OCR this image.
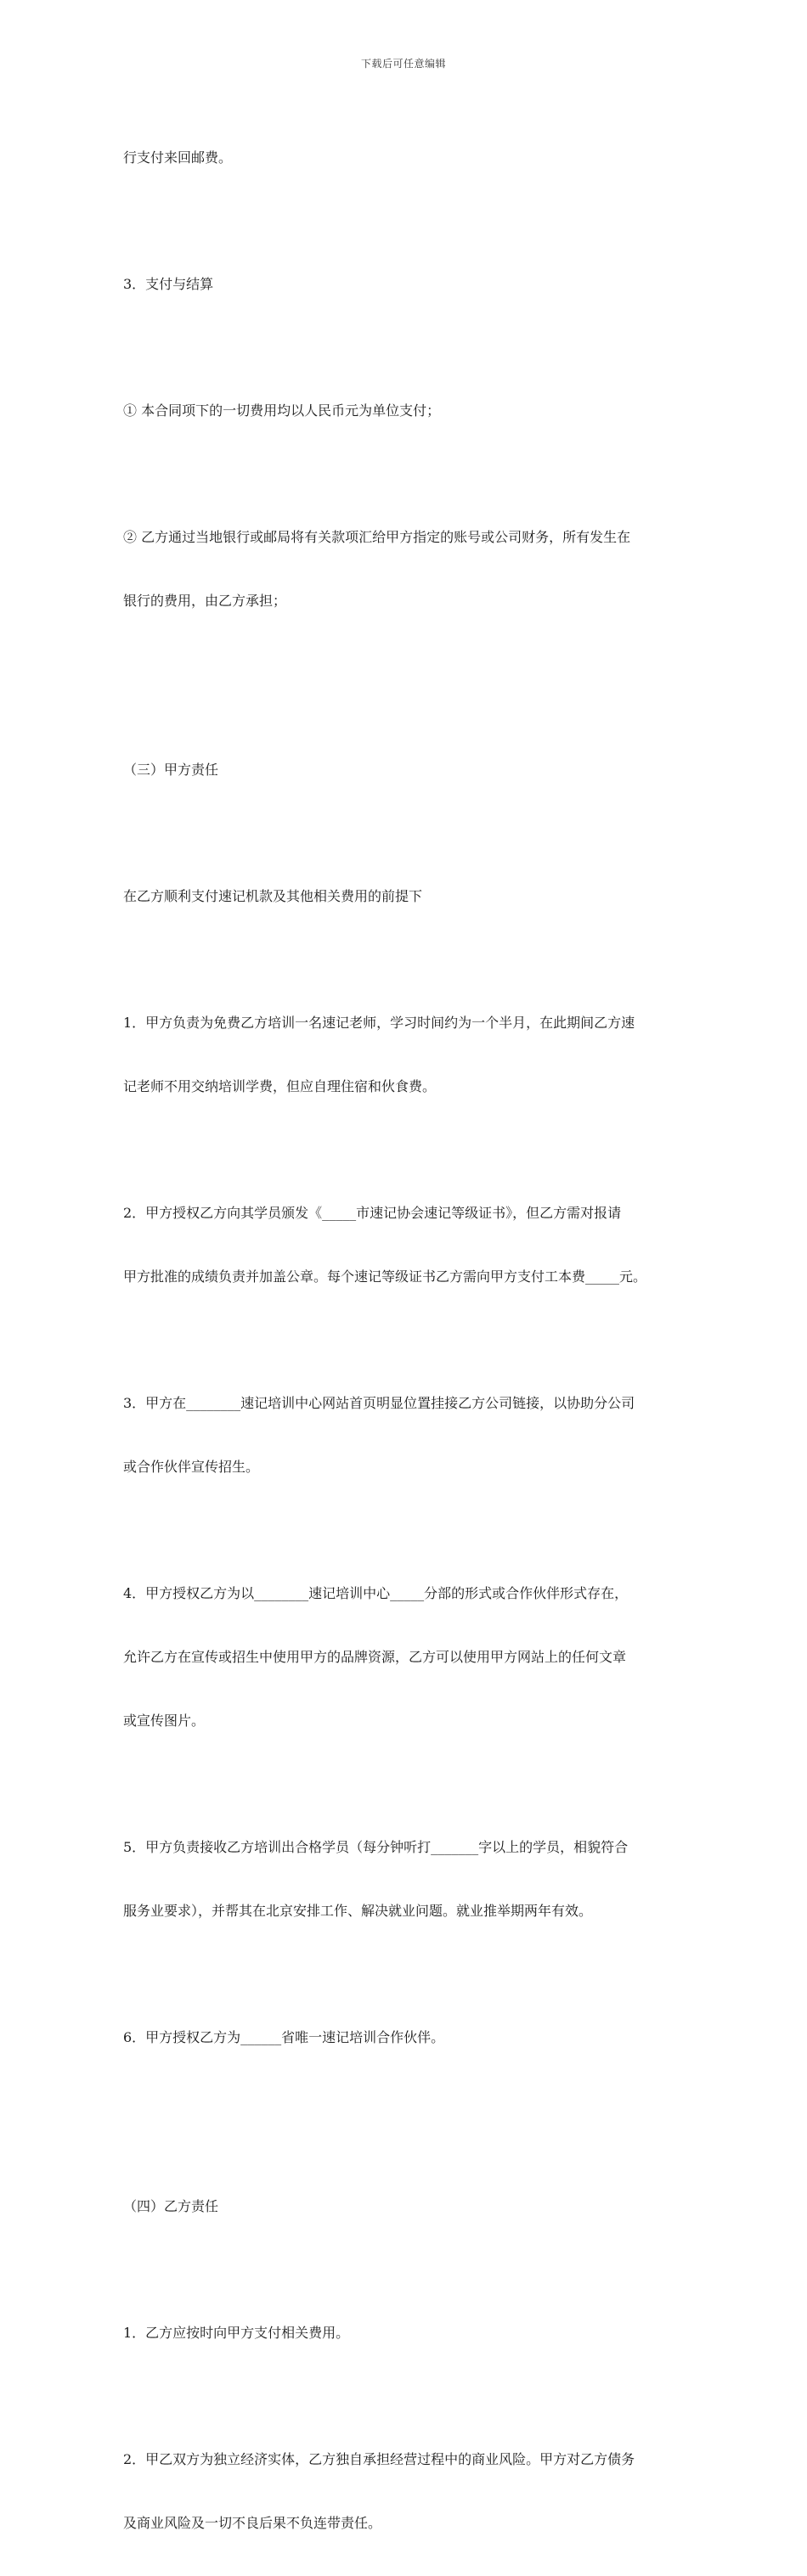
下载后可任意编辑

行支付来回邮费。

3．支付与结算

① 本合同项下的一切费用均以人民币元为单位支付；

② 乙方通过当地银行或邮局将有关款项汇给甲方指定的账号或公司财务，所有发生在

银行的费用，由乙方承担；

（三）甲方责任

在乙方顺利支付速记机款及其他相关费用的前提下

1．甲方负责为免费乙方培训一名速记老师，学习时间约为一个半月，在此期间乙方速

记老师不用交纳培训学费，但应自理住宿和伙食费。

2．甲方授权乙方向其学员颁发《_____市速记协会速记等级证书》，但乙方需对报请

甲方批准的成绩负责并加盖公章。每个速记等级证书乙方需向甲方支付工本费_____元。

3．甲方在________速记培训中心网站首页明显位置挂接乙方公司链接，以协助分公司

或合作伙伴宣传招生。

4．甲方授权乙方为以________速记培训中心_____分部的形式或合作伙伴形式存在，

允许乙方在宣传或招生中使用甲方的品牌资源，乙方可以使用甲方网站上的任何文章

或宣传图片。

5．甲方负责接收乙方培训出合格学员（每分钟听打_______字以上的学员，相貌符合

服务业要求），并帮其在北京安排工作、解决就业问题。就业推举期两年有效。

6．甲方授权乙方为______省唯一速记培训合作伙伴。

（四）乙方责任

1．乙方应按时向甲方支付相关费用。

2．甲乙双方为独立经济实体，乙方独自承担经营过程中的商业风险。甲方对乙方债务

及商业风险及一切不良后果不负连带责任。
